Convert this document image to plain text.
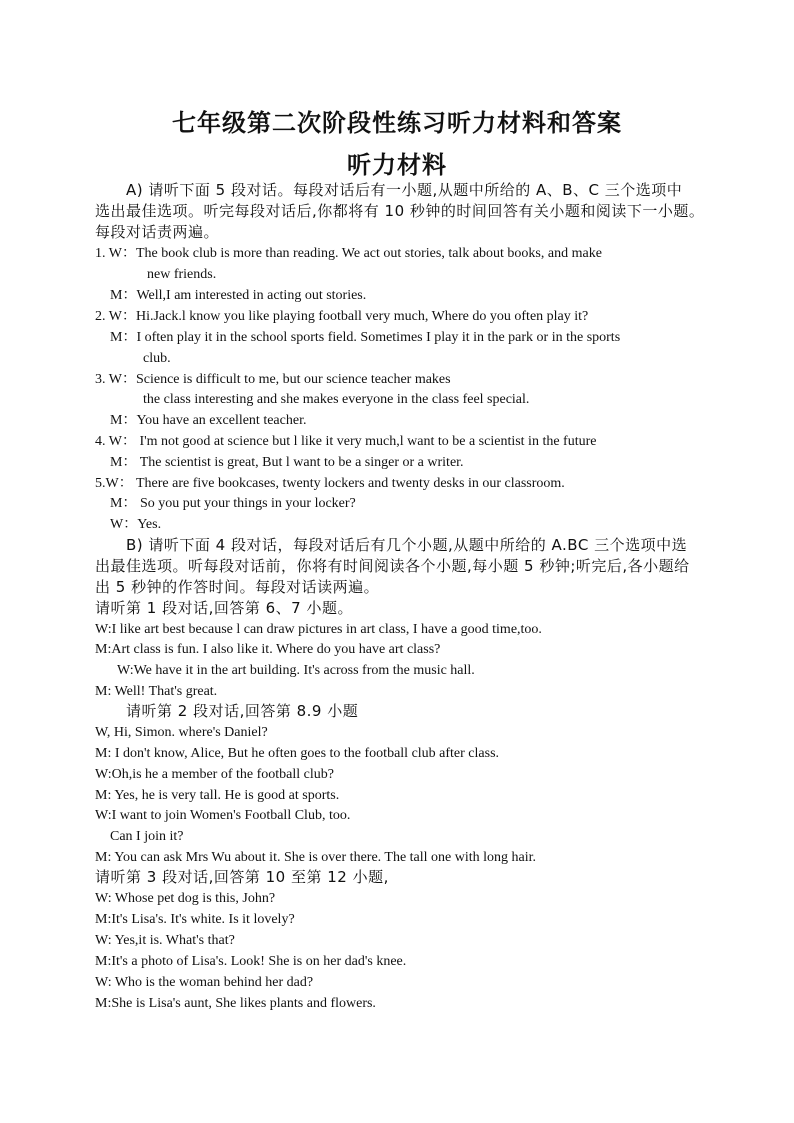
七年级第二次阶段性练习听力材料和答案
听力材料
A) 请听下面 5 段对话。每段对话后有一小题,从题中所给的 A、B、C 三个选项中
选出最佳选项。听完每段对话后,你都将有 10 秒钟的时间回答有关小题和阅读下一小题。
每段对话责两遍。
1. W：The book club is more than reading. We act out stories, talk about books, and make
new friends.
M：Well,I am interested in acting out stories.
2. W：Hi.Jack.l know you like playing football very much, Where do you often play it?
M：I often play it in the school sports field. Sometimes I play it in the park or in the sports
club.
3. W：Science is difficult to me, but our science teacher makes
the class interesting and she makes everyone in the class feel special.
M：You have an excellent teacher.
4. W： I'm not good at science but l like it very much,l want to be a scientist in the future
M： The scientist is great, But l want to be a singer or a writer.
5.W： There are five bookcases, twenty lockers and twenty desks in our classroom.
M： So you put your things in your locker?
W：Yes.
B) 请听下面 4 段对话，每段对话后有几个小题,从题中所给的 A.BC 三个选项中选
出最佳选项。听每段对话前，你将有时间阅读各个小题,每小题 5 秒钟;听完后,各小题给
出 5 秒钟的作答时间。每段对话读两遍。
请听第 1 段对话,回答第 6、7 小题。
W:I like art best because l can draw pictures in art class, I have a good time,too.
M:Art class is fun. I also like it. Where do you have art class?
W:We have it in the art building. It's across from the music hall.
M: Well! That's great.
请听第 2 段对话,回答第 8.9 小题
W, Hi, Simon. where's Daniel?
M: I don't know, Alice, But he often goes to the football club after class.
W:Oh,is he a member of the football club?
M: Yes, he is very tall. He is good at sports.
W:I want to join Women's Football Club, too.
Can I join it?
M: You can ask Mrs Wu about it. She is over there. The tall one with long hair.
请听第 3 段对话,回答第 10 至第 12 小题,
W: Whose pet dog is this, John?
M:It's Lisa's. It's white. Is it lovely?
W: Yes,it is. What's that?
M:It's a photo of Lisa's. Look! She is on her dad's knee.
W: Who is the woman behind her dad?
M:She is Lisa's aunt, She likes plants and flowers.
